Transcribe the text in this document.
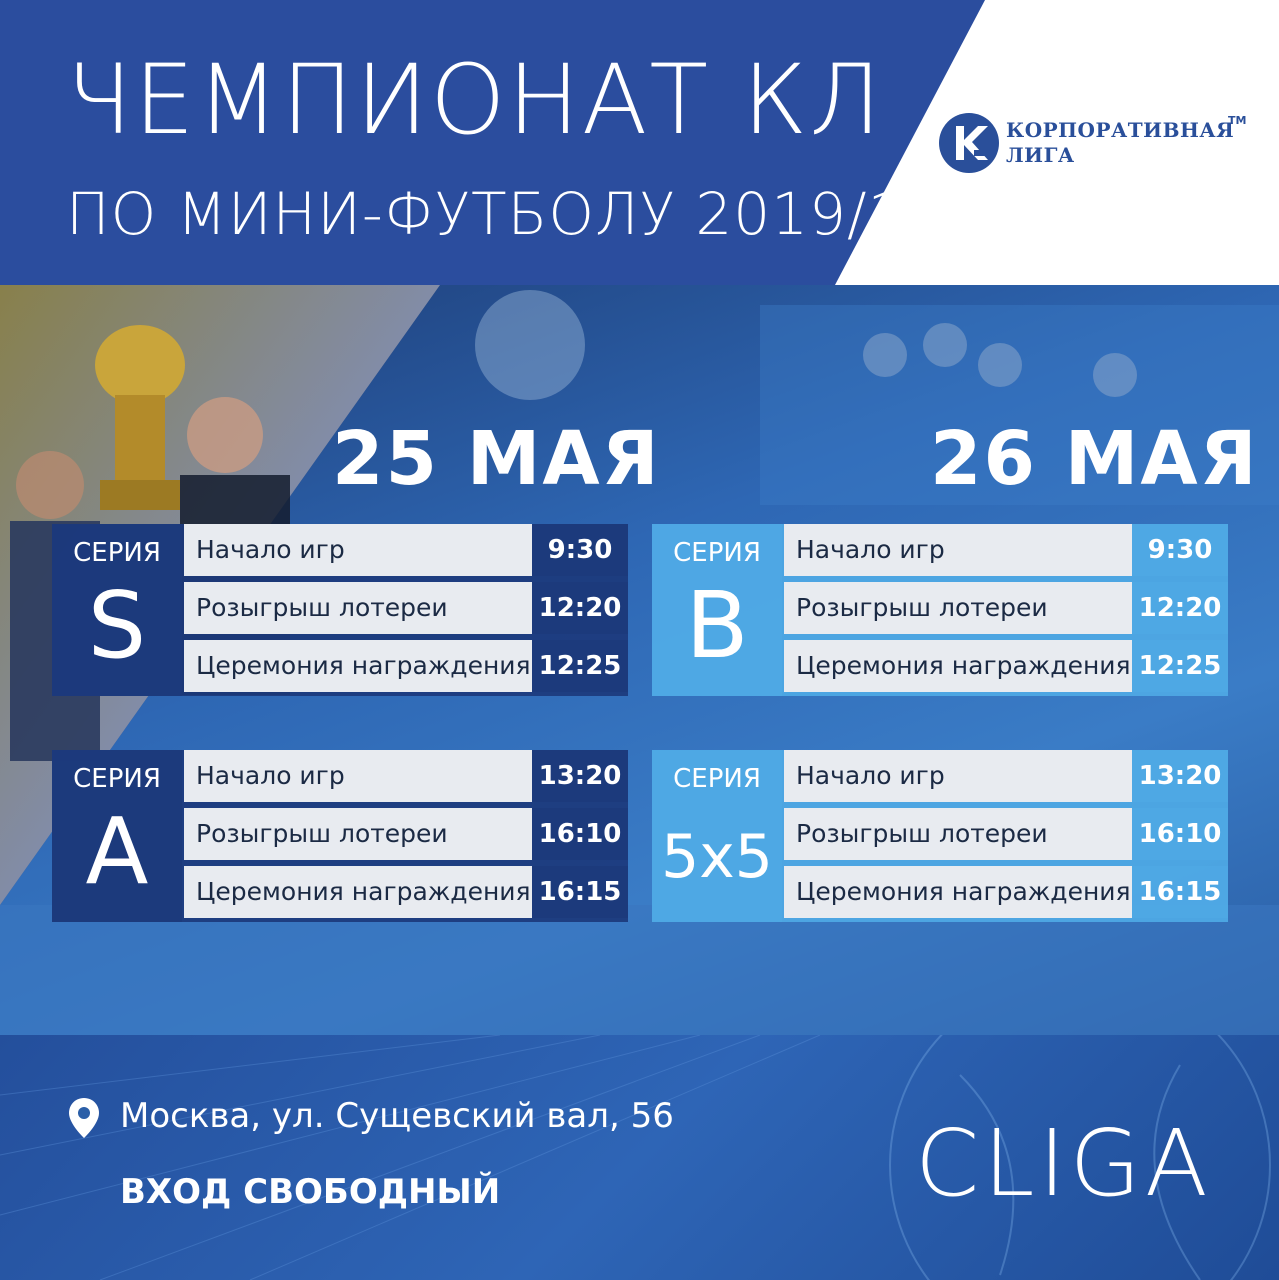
ЧЕМПИОНАТ КЛ
ПО МИНИ-ФУТБОЛУ 2019/1
КОРПОРАТИВНАЯ
ЛИГА
TM
25 МАЯ	26 МАЯ
СЕРИЯ
S
Начало игр	9:30
Розыгрыш лотереи	12:20
Церемония награждения 12:25
СЕРИЯ
A
Начало игр	13:20
Розыгрыш лотереи	16:10
Церемония награждения 16:15
СЕРИЯ
B
Начало игр	9:30
Розыгрыш лотереи	12:20
Церемония награждения 12:25
СЕРИЯ
5x5
Начало игр	13:20
Розыгрыш лотереи	16:10
Церемония награждения 16:15
Москва, ул. Сущевский вал, 56
ВХОД СВОБОДНЫЙ	CLIGA
